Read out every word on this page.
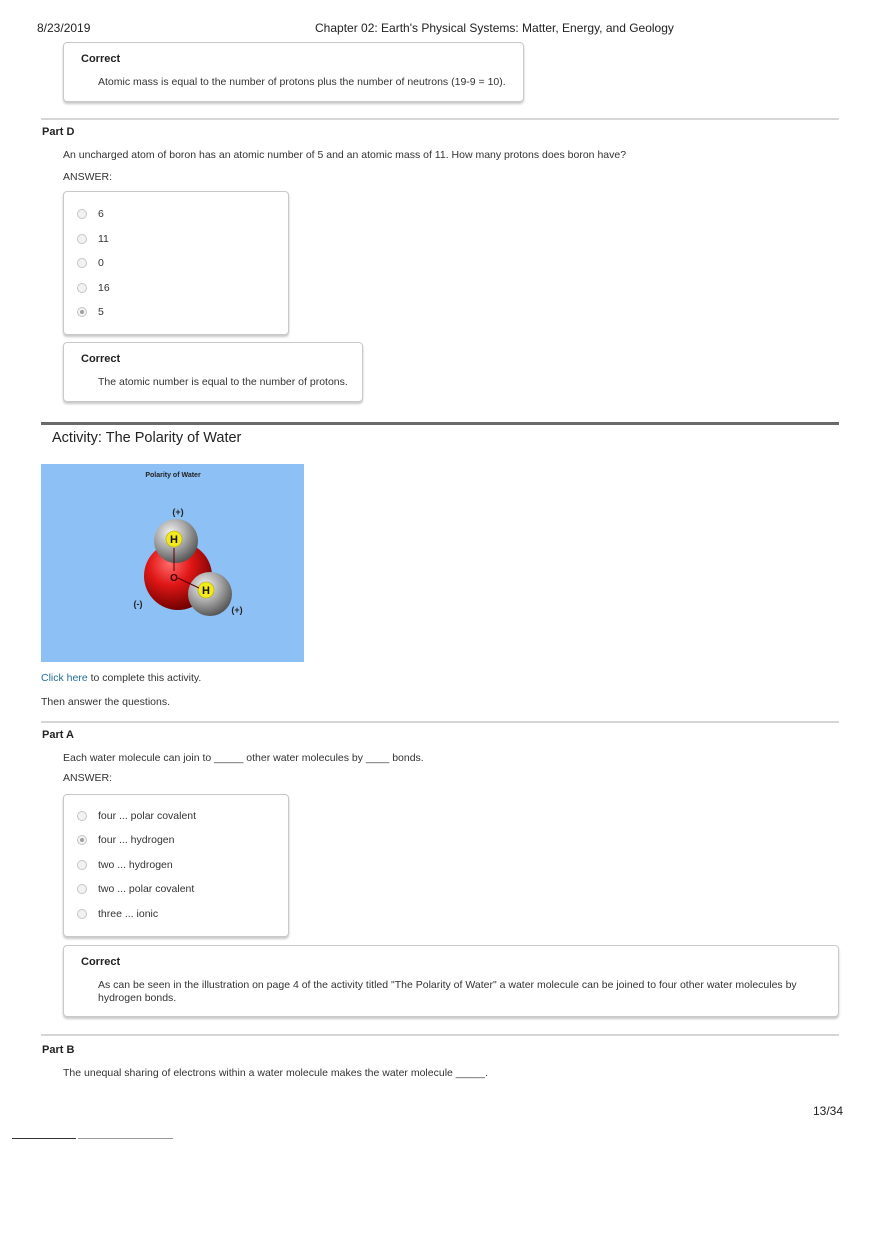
8/23/2019	Chapter 02: Earth's Physical Systems: Matter, Energy, and Geology
Correct
Atomic mass is equal to the number of protons plus the number of neutrons (19-9 = 10).
Part D
An uncharged atom of boron has an atomic number of 5 and an atomic mass of 11. How many protons does boron have?
ANSWER:
6
11
0
16
5
Correct
The atomic number is equal to the number of protons.
Activity: The Polarity of Water
Polarity of Water
(+)
H
H
O
(-)
(+)
Click here to complete this activity.
Then answer the questions.
Part A
Each water molecule can join to _____ other water molecules by ____ bonds.
ANSWER:
four ... polar covalent
four ... hydrogen
two ... hydrogen
two ... polar covalent
three ... ionic
Correct
As can be seen in the illustration on page 4 of the activity titled "The Polarity of Water" a water molecule can be joined to four other water molecules by
hydrogen bonds.
Part B
The unequal sharing of electrons within a water molecule makes the water molecule _____.
13/34
